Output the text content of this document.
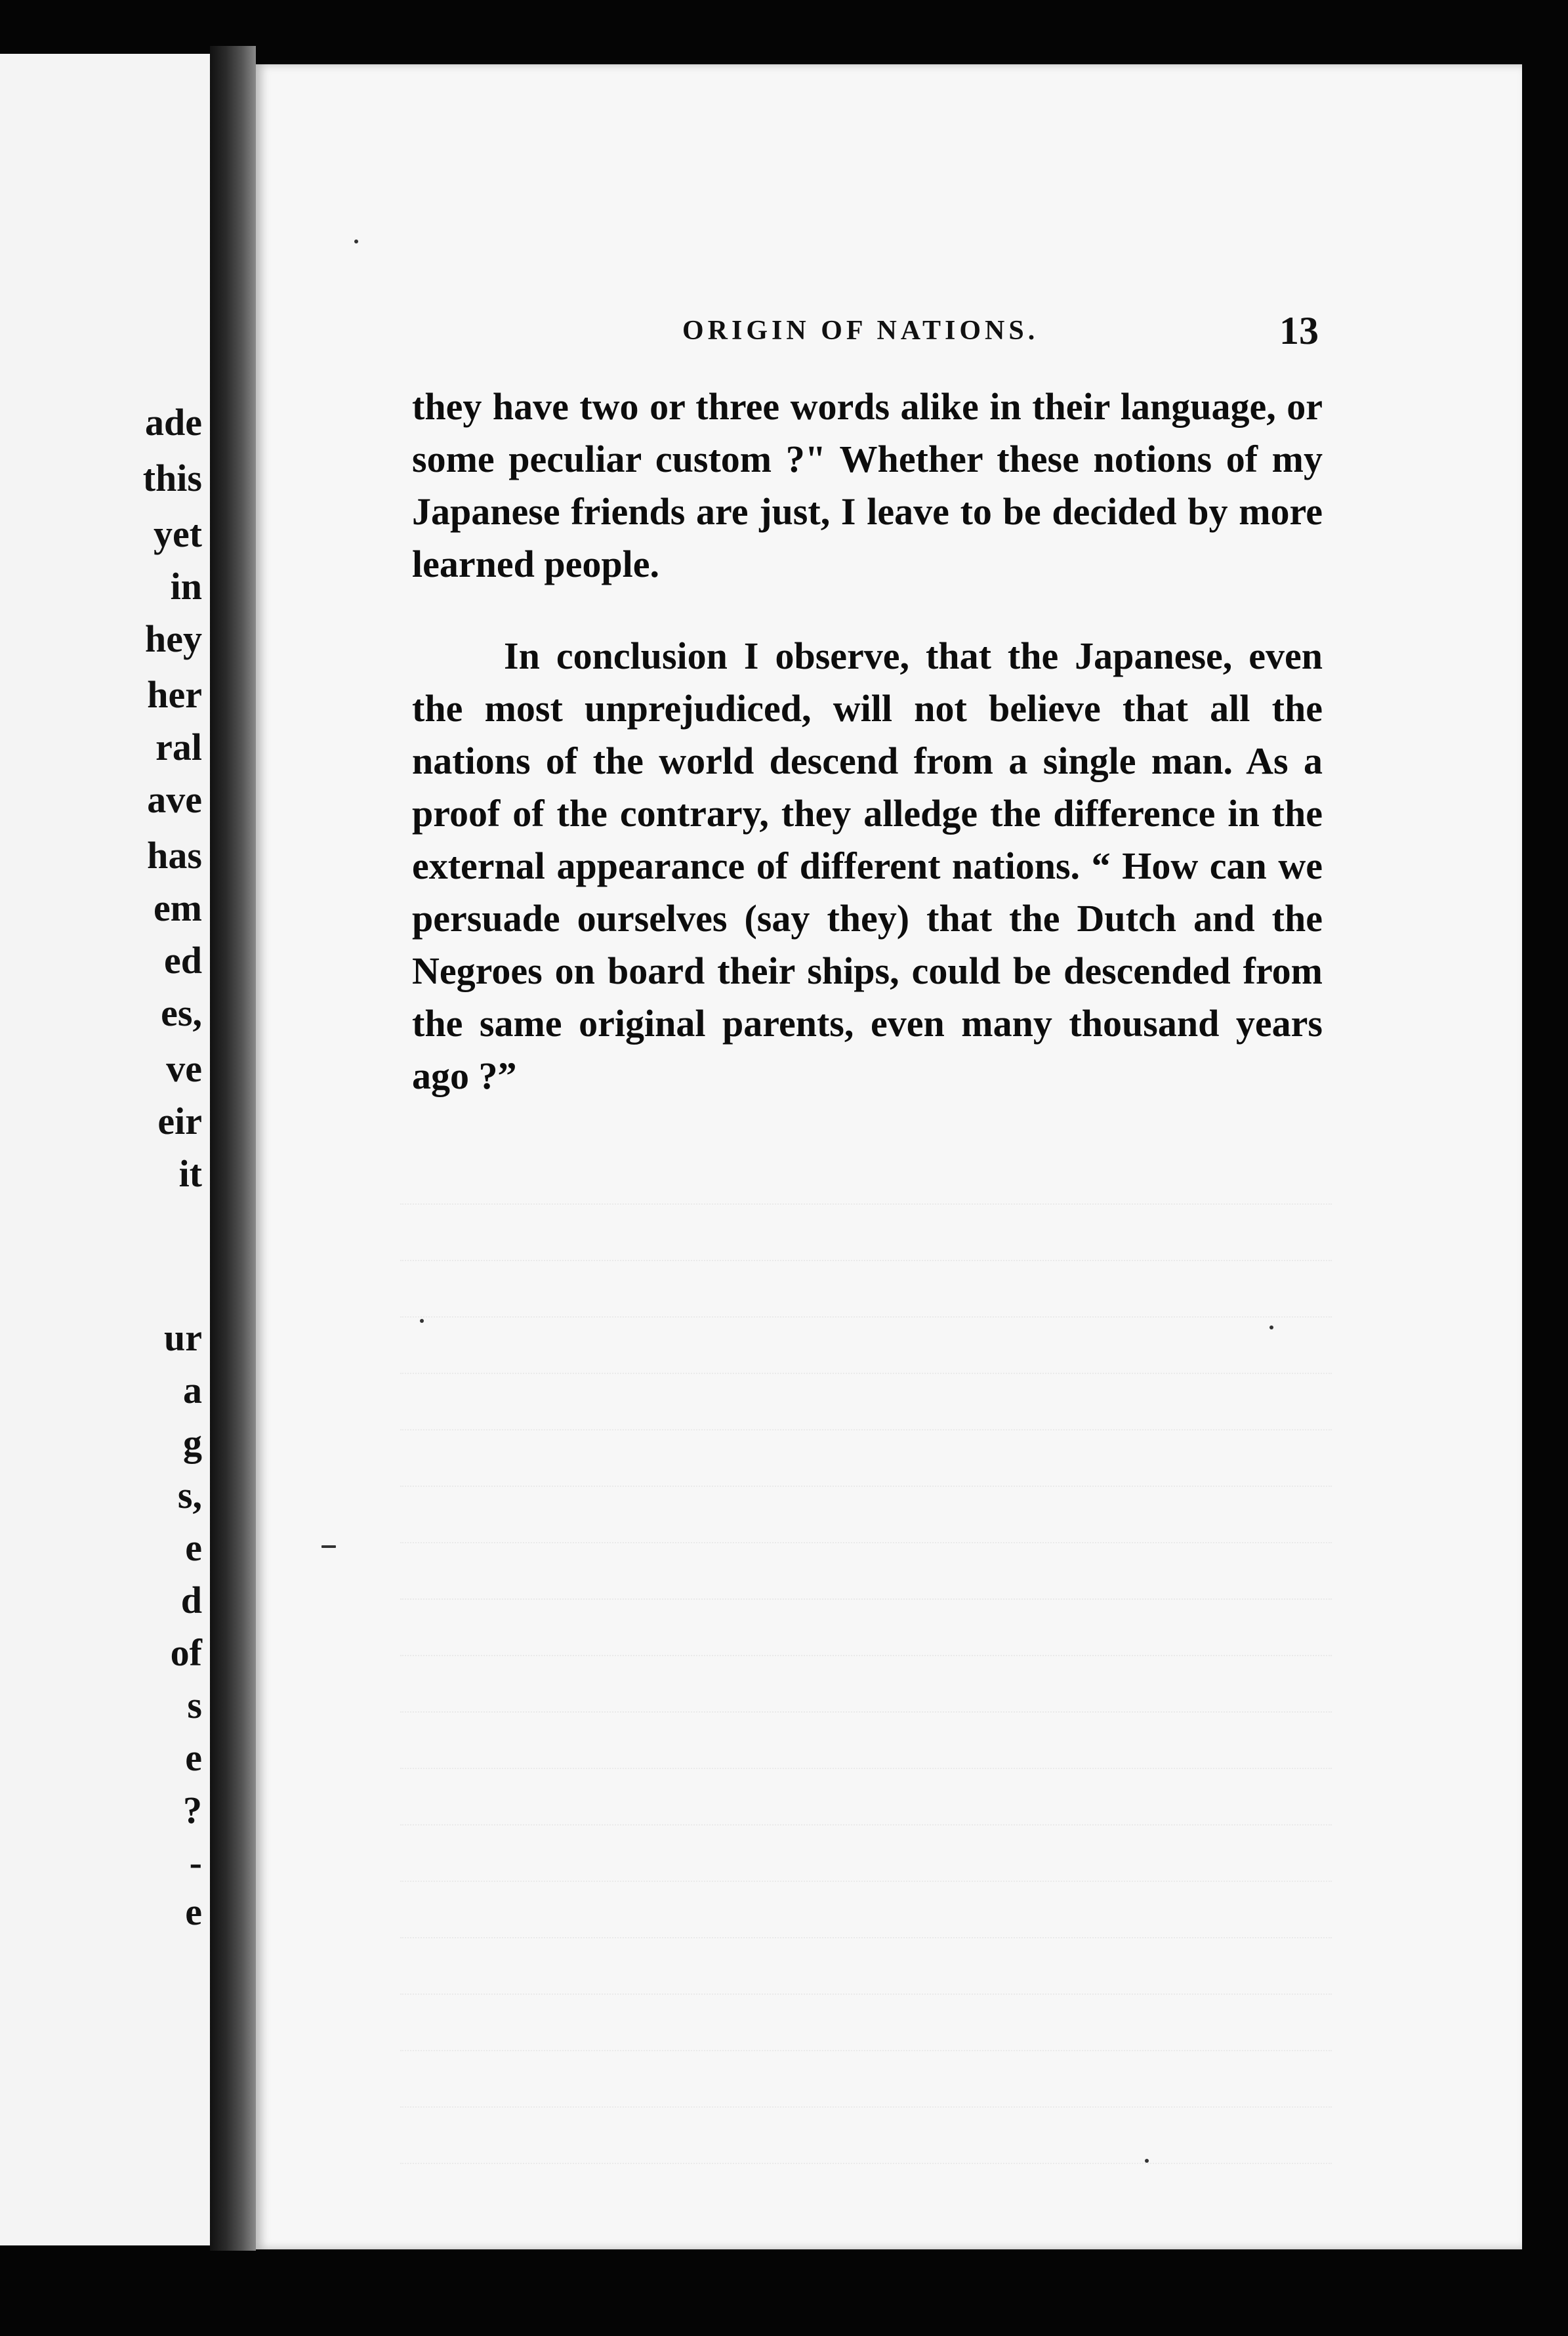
ORIGIN OF NATIONS.	13

they have two or three words alike in their language, or some peculiar custom ?" Whether these notions of my Japanese friends are just, I leave to be decided by more learned people.

In conclusion I observe, that the Japanese, even the most unprejudiced, will not believe that all the nations of the world descend from a single man. As a proof of the contrary, they alledge the difference in the external appearance of different nations. “ How can we persuade ourselves (say they) that the Dutch and the Negroes on board their ships, could be descended from the same original parents, even many thousand years ago ?”

ade
this
yet
in
hey
her
ral
ave
has
em
ed
es,
ve
eir
it
ur
a
g
s,
e
d
of
s
e
?
-
e
